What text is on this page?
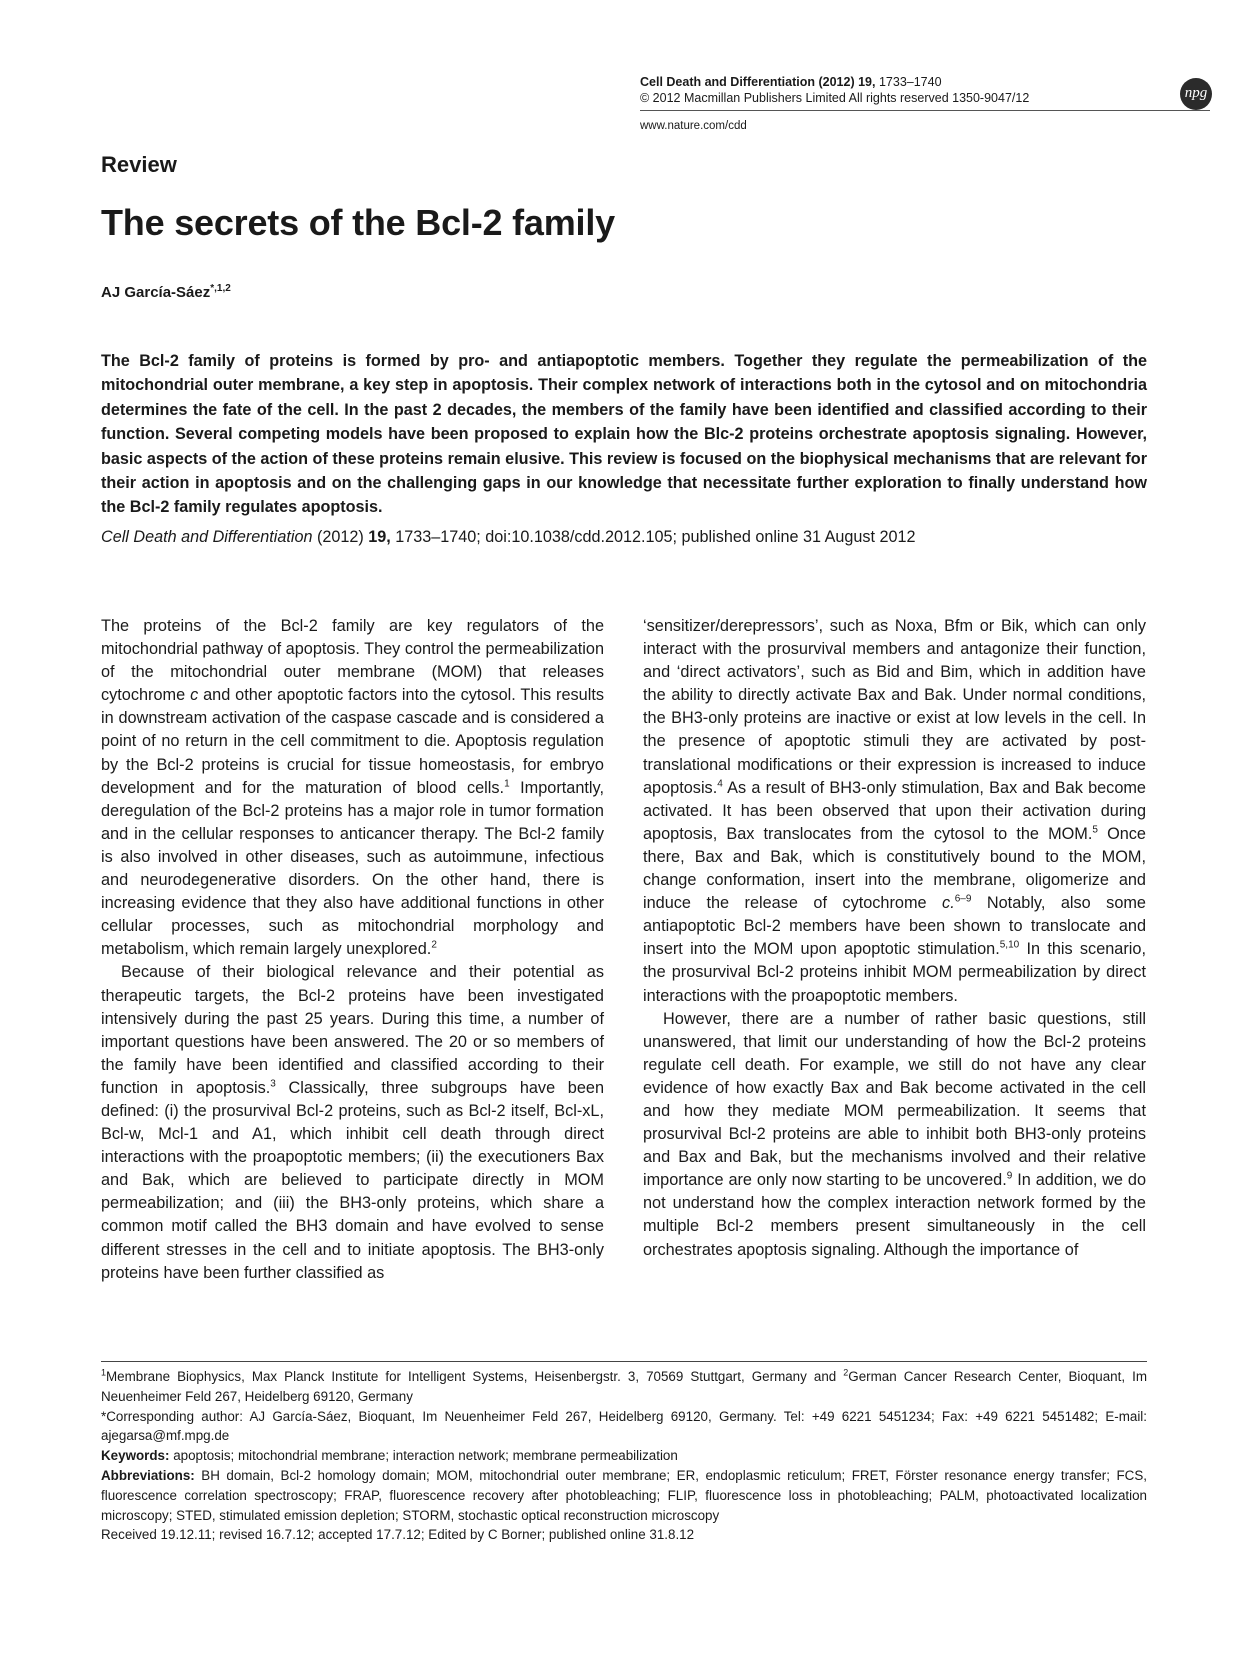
Cell Death and Differentiation (2012) 19, 1733–1740
© 2012 Macmillan Publishers Limited All rights reserved 1350-9047/12
www.nature.com/cdd
npg
Review
The secrets of the Bcl-2 family
AJ García-Sáez$^{*,1,2}$

The Bcl-2 family of proteins is formed by pro- and antiapoptotic members. Together they regulate the permeabilization of the mitochondrial outer membrane, a key step in apoptosis. Their complex network of interactions both in the cytosol and on mitochondria determines the fate of the cell. In the past 2 decades, the members of the family have been identified and classified according to their function. Several competing models have been proposed to explain how the Blc-2 proteins orchestrate apoptosis signaling. However, basic aspects of the action of these proteins remain elusive. This review is focused on the biophysical mechanisms that are relevant for their action in apoptosis and on the challenging gaps in our knowledge that necessitate further exploration to finally understand how the Bcl-2 family regulates apoptosis.

Cell Death and Differentiation (2012) 19, 1733–1740; doi:10.1038/cdd.2012.105; published online 31 August 2012

The proteins of the Bcl-2 family are key regulators of the mitochondrial pathway of apoptosis. They control the permeabilization of the mitochondrial outer membrane (MOM) that releases cytochrome c and other apoptotic factors into the cytosol. This results in downstream activation of the caspase cascade and is considered a point of no return in the cell commitment to die. Apoptosis regulation by the Bcl-2 proteins is crucial for tissue homeostasis, for embryo development and for the maturation of blood cells.$^1$ Importantly, deregulation of the Bcl-2 proteins has a major role in tumor formation and in the cellular responses to anticancer therapy. The Bcl-2 family is also involved in other diseases, such as autoimmune, infectious and neurodegenerative disorders. On the other hand, there is increasing evidence that they also have additional functions in other cellular processes, such as mitochondrial morphology and metabolism, which remain largely unexplored.$^2$

Because of their biological relevance and their potential as therapeutic targets, the Bcl-2 proteins have been investigated intensively during the past 25 years. During this time, a number of important questions have been answered. The 20 or so members of the family have been identified and classified according to their function in apoptosis.$^3$ Classically, three subgroups have been defined: (i) the prosurvival Bcl-2 proteins, such as Bcl-2 itself, Bcl-xL, Bcl-w, Mcl-1 and A1, which inhibit cell death through direct interactions with the proapoptotic members; (ii) the executioners Bax and Bak, which are believed to participate directly in MOM permeabilization; and (iii) the BH3-only proteins, which share a common motif called the BH3 domain and have evolved to sense different stresses in the cell and to initiate apoptosis. The BH3-only proteins have been further classified as

‘sensitizer/derepressors’, such as Noxa, Bfm or Bik, which can only interact with the prosurvival members and antagonize their function, and ‘direct activators’, such as Bid and Bim, which in addition have the ability to directly activate Bax and Bak. Under normal conditions, the BH3-only proteins are inactive or exist at low levels in the cell. In the presence of apoptotic stimuli they are activated by post-translational modifications or their expression is increased to induce apoptosis.$^4$ As a result of BH3-only stimulation, Bax and Bak become activated. It has been observed that upon their activation during apoptosis, Bax translocates from the cytosol to the MOM.$^5$ Once there, Bax and Bak, which is constitutively bound to the MOM, change conformation, insert into the membrane, oligomerize and induce the release of cytochrome c.$^{6-9}$ Notably, also some antiapoptotic Bcl-2 members have been shown to translocate and insert into the MOM upon apoptotic stimulation.$^{5,10}$ In this scenario, the prosurvival Bcl-2 proteins inhibit MOM permeabilization by direct interactions with the proapoptotic members.

However, there are a number of rather basic questions, still unanswered, that limit our understanding of how the Bcl-2 proteins regulate cell death. For example, we still do not have any clear evidence of how exactly Bax and Bak become activated in the cell and how they mediate MOM permeabilization. It seems that prosurvival Bcl-2 proteins are able to inhibit both BH3-only proteins and Bax and Bak, but the mechanisms involved and their relative importance are only now starting to be uncovered.$^9$ In addition, we do not understand how the complex interaction network formed by the multiple Bcl-2 members present simultaneously in the cell orchestrates apoptosis signaling. Although the importance of

$^1$Membrane Biophysics, Max Planck Institute for Intelligent Systems, Heisenbergstr. 3, 70569 Stuttgart, Germany and $^2$German Cancer Research Center, Bioquant, Im Neuenheimer Feld 267, Heidelberg 69120, Germany

*Corresponding author: AJ García-Sáez, Bioquant, Im Neuenheimer Feld 267, Heidelberg 69120, Germany. Tel: +49 6221 5451234; Fax: +49 6221 5451482; E-mail: ajegarsa@mf.mpg.de

Keywords: apoptosis; mitochondrial membrane; interaction network; membrane permeabilization

Abbreviations: BH domain, Bcl-2 homology domain; MOM, mitochondrial outer membrane; ER, endoplasmic reticulum; FRET, Förster resonance energy transfer; FCS, fluorescence correlation spectroscopy; FRAP, fluorescence recovery after photobleaching; FLIP, fluorescence loss in photobleaching; PALM, photoactivated localization microscopy; STED, stimulated emission depletion; STORM, stochastic optical reconstruction microscopy

Received 19.12.11; revised 16.7.12; accepted 17.7.12; Edited by C Borner; published online 31.8.12
